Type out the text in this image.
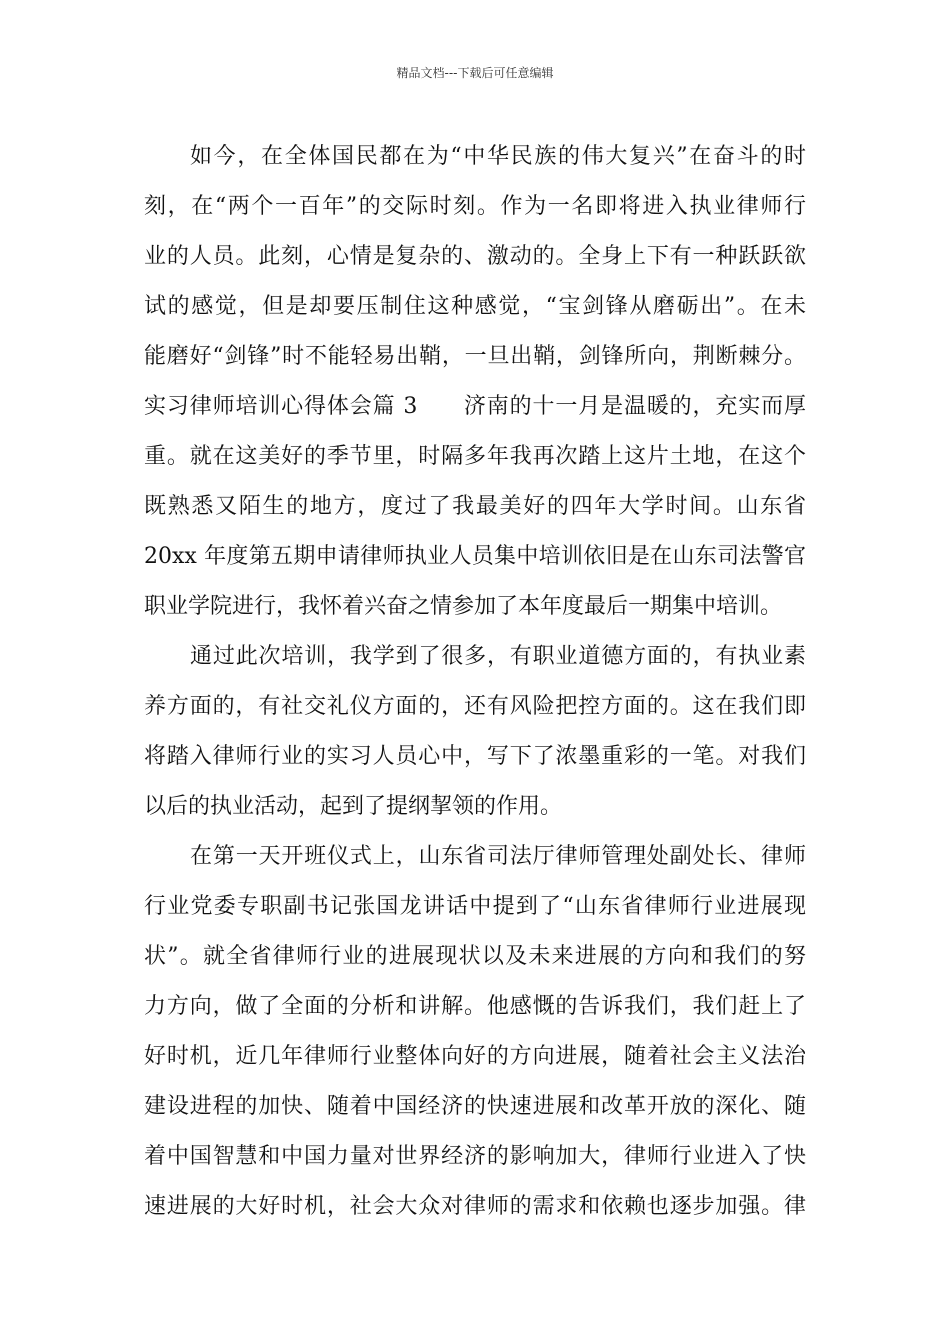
精品文档---下载后可任意编辑
如今，在全体国民都在为“中华民族的伟大复兴”在奋斗的时
刻，在“两个一百年”的交际时刻。作为一名即将进入执业律师行
业的人员。此刻，心情是复杂的、激动的。全身上下有一种跃跃欲
试的感觉，但是却要压制住这种感觉，“宝剑锋从磨砺出”。在未
能磨好“剑锋”时不能轻易出鞘，一旦出鞘，剑锋所向，荆断棘分。
实习律师培训心得体会篇 3　　济南的十一月是温暖的，充实而厚
重。就在这美好的季节里，时隔多年我再次踏上这片土地，在这个
既熟悉又陌生的地方，度过了我最美好的四年大学时间。山东省
20xx 年度第五期申请律师执业人员集中培训依旧是在山东司法警官
职业学院进行，我怀着兴奋之情参加了本年度最后一期集中培训。
通过此次培训，我学到了很多，有职业道德方面的，有执业素
养方面的，有社交礼仪方面的，还有风险把控方面的。这在我们即
将踏入律师行业的实习人员心中，写下了浓墨重彩的一笔。对我们
以后的执业活动，起到了提纲挈领的作用。
在第一天开班仪式上，山东省司法厅律师管理处副处长、律师
行业党委专职副书记张国龙讲话中提到了“山东省律师行业进展现
状”。就全省律师行业的进展现状以及未来进展的方向和我们的努
力方向，做了全面的分析和讲解。他感慨的告诉我们，我们赶上了
好时机，近几年律师行业整体向好的方向进展，随着社会主义法治
建设进程的加快、随着中国经济的快速进展和改革开放的深化、随
着中国智慧和中国力量对世界经济的影响加大，律师行业进入了快
速进展的大好时机，社会大众对律师的需求和依赖也逐步加强。律
